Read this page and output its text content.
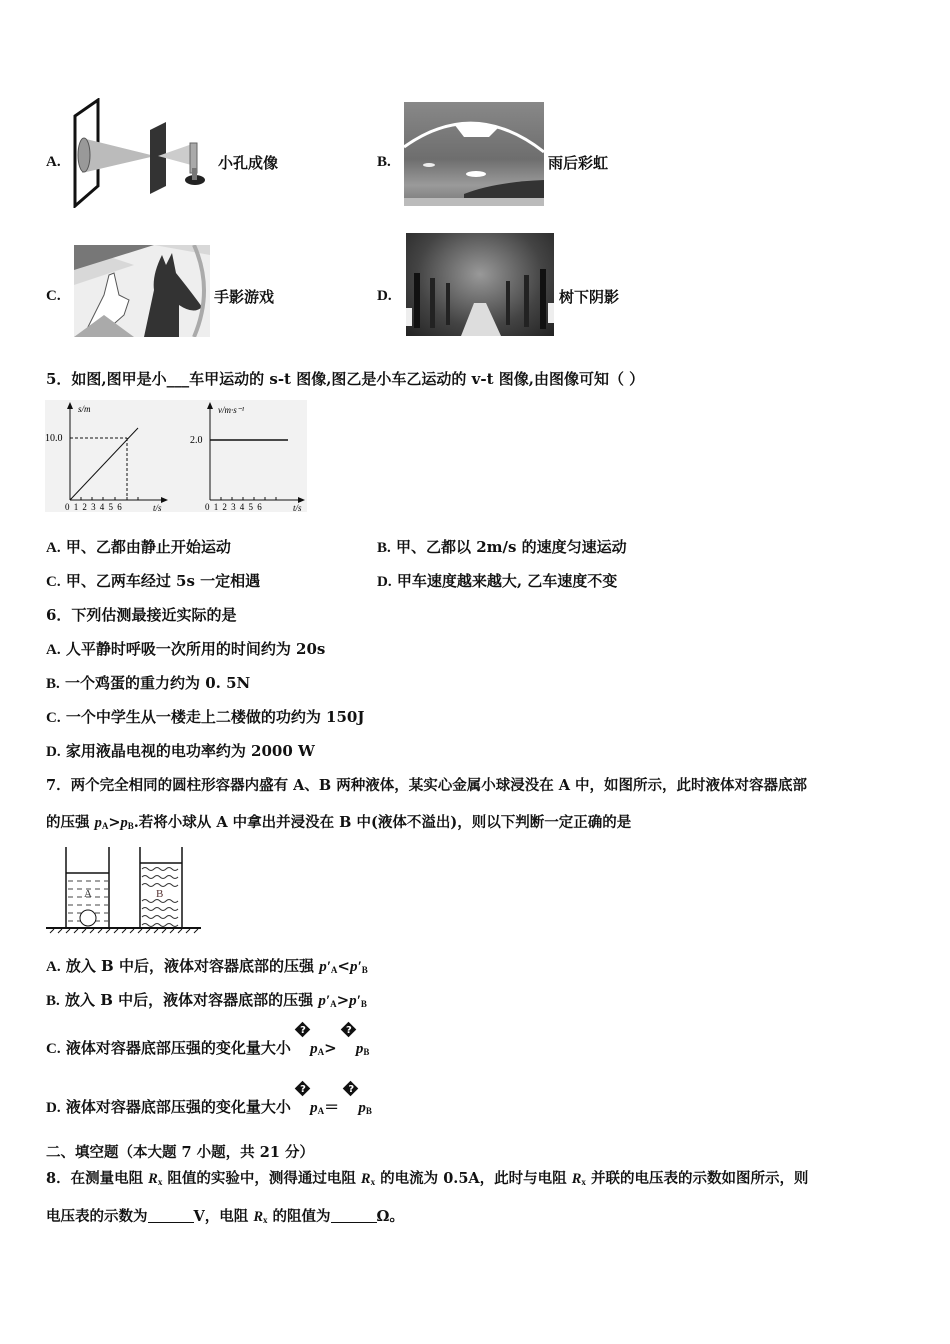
A.	小孔成像	B.	雨后彩虹
C.	手影游戏	D.	树下阴影
5．如图,图甲是小___车甲运动的 s-t 图像,图乙是小车乙运动的 v-t 图像,由图像可知（ ）
s/m
10.0
0123456	t/s
v/m·s⁻¹
2.0
0123456	t/s
A. 甲、乙都由静止开始运动	B. 甲、乙都以 2m/s 的速度匀速运动
C. 甲、乙两车经过 5s 一定相遇	D. 甲车速度越来越大, 乙车速度不变
6．下列估测最接近实际的是
A. 人平静时呼吸一次所用的时间约为 20s
B. 一个鸡蛋的重力约为 0. 5N
C. 一个中学生从一楼走上二楼做的功约为 150J
D. 家用液晶电视的电功率约为 2000 W
7．两个完全相同的圆柱形容器内盛有 A、B 两种液体，某实心金属小球浸没在 A 中，如图所示，此时液体对容器底部
的压强 $p_A>p_B$.若将小球从 A 中拿出并浸没在 B 中(液体不溢出)，则以下判断一定正确的是
A	B
A. 放入 B 中后，液体对容器底部的压强 $p'_A<p'_B$
B. 放入 B 中后，液体对容器底部的压强 $p'_A>p'_B$
C. 液体对容器底部压强的变化量大小
?
$p_A>$
?
$p_B$
D. 液体对容器底部压强的变化量大小
?
$p_A=$
?
$p_B$
二、填空题（本大题 7 小题，共 21 分）
8．在测量电阻 $R_x$ 阻值的实验中，测得通过电阻 $R_x$ 的电流为 0.5A，此时与电阻 $R_x$ 并联的电压表的示数如图所示，则
电压表的示数为	V，电阻 $R_x$ 的阻值为	Ω。
